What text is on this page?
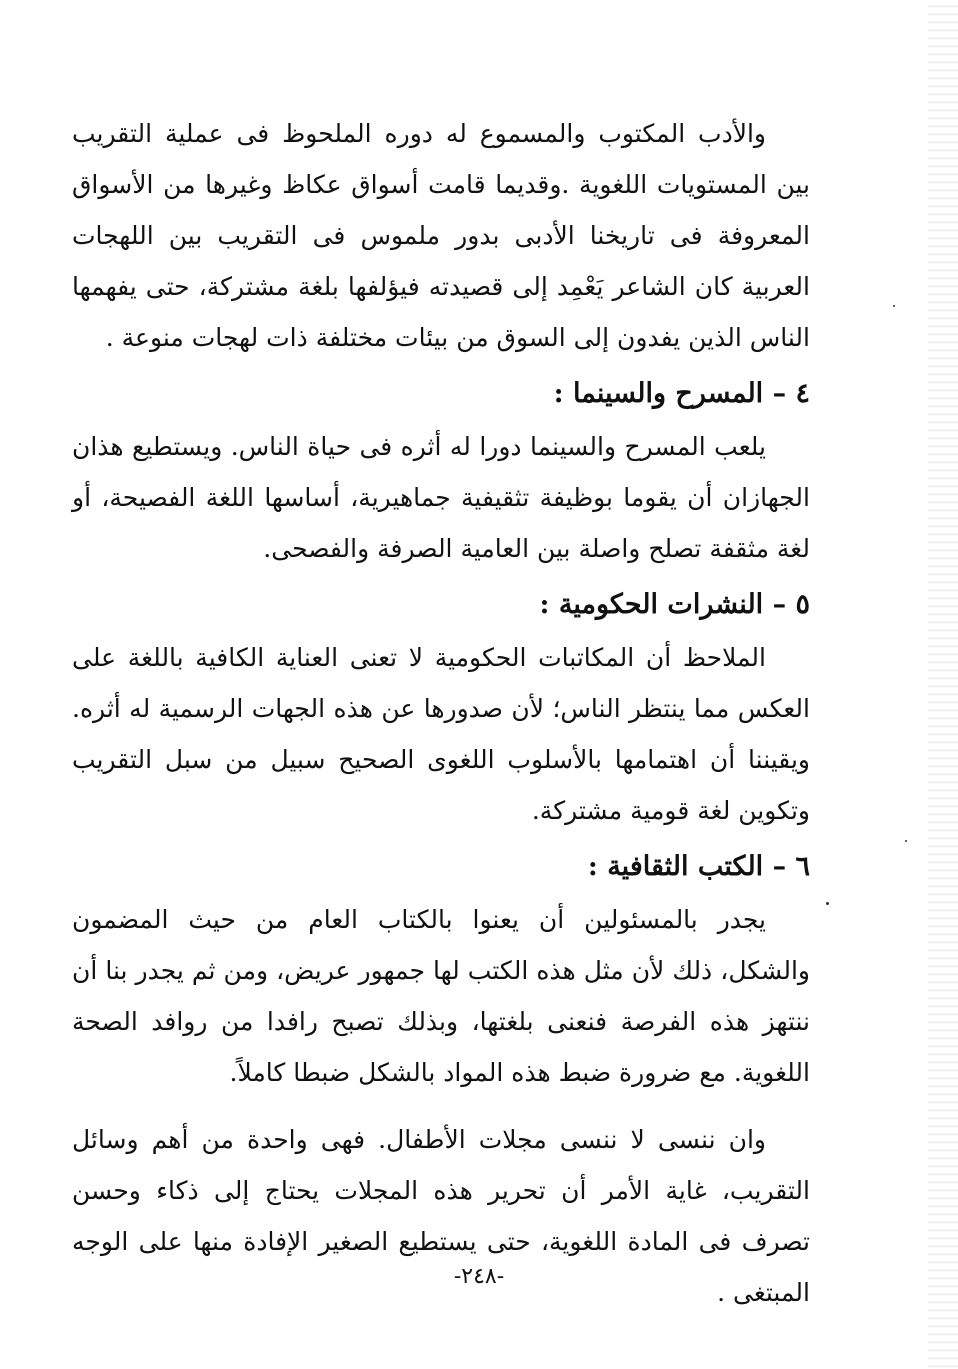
والأدب المكتوب والمسموع له دوره الملحوظ فى عملية التقريب بين المستويات اللغوية .وقديما قامت أسواق عكاظ وغيرها من الأسواق المعروفة فى تاريخنا الأدبى بدور ملموس فى التقريب بين اللهجات العربية كان الشاعر يَعْمِد إلى قصيدته فيؤلفها بلغة مشتركة، حتى يفهمها الناس الذين يفدون إلى السوق من بيئات مختلفة ذات لهجات منوعة .

٤ – المسرح والسينما :

يلعب المسرح والسينما دورا له أثره فى حياة الناس. ويستطيع هذان الجهازان أن يقوما بوظيفة تثقيفية جماهيرية، أساسها اللغة الفصيحة، أو لغة مثقفة تصلح واصلة بين العامية الصرفة والفصحى.

٥ – النشرات الحكومية :

الملاحظ أن المكاتبات الحكومية لا تعنى العناية الكافية باللغة على العكس مما ينتظر الناس؛ لأن صدورها عن هذه الجهات الرسمية له أثره. ويقيننا أن اهتمامها بالأسلوب اللغوى الصحيح سبيل من سبل التقريب وتكوين لغة قومية مشتركة.

٦ – الكتب الثقافية :

يجدر بالمسئولين أن يعنوا بالكتاب العام من حيث المضمون والشكل، ذلك لأن مثل هذه الكتب لها جمهور عريض، ومن ثم يجدر بنا أن ننتهز هذه الفرصة فنعنى بلغتها، وبذلك تصبح رافدا من روافد الصحة اللغوية. مع ضرورة ضبط هذه المواد بالشكل ضبطا كاملاً.

وان ننسى لا ننسى مجلات الأطفال. فهى واحدة من أهم وسائل التقريب، غاية الأمر أن تحرير هذه المجلات يحتاج إلى ذكاء وحسن تصرف فى المادة اللغوية، حتى يستطيع الصغير الإفادة منها على الوجه المبتغى .

-٢٤٨-
